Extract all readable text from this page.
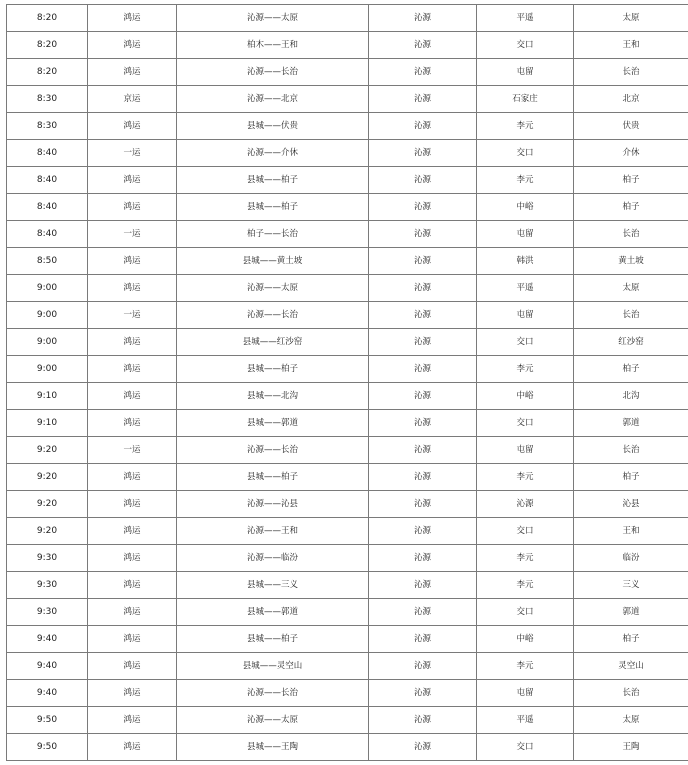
8:20	鸿运	沁源——太原	沁源	平遥	太原
8:20	鸿运	柏木——王和	沁源	交口	王和
8:20	鸿运	沁源——长治	沁源	屯留	长治
8:30	京运	沁源——北京	沁源	石家庄	北京
8:30	鸿运	县城——伏贵	沁源	李元	伏贵
8:40	一运	沁源——介休	沁源	交口	介休
8:40	鸿运	县城——柏子	沁源	李元	柏子
8:40	鸿运	县城——柏子	沁源	中峪	柏子
8:40	一运	柏子——长治	沁源	屯留	长治
8:50	鸿运	县城——黄土坡	沁源	韩洪	黄土坡
9:00	鸿运	沁源——太原	沁源	平遥	太原
9:00	一运	沁源——长治	沁源	屯留	长治
9:00	鸿运	县城——红沙窑	沁源	交口	红沙窑
9:00	鸿运	县城——柏子	沁源	李元	柏子
9:10	鸿运	县城——北沟	沁源	中峪	北沟
9:10	鸿运	县城——郭道	沁源	交口	郭道
9:20	一运	沁源——长治	沁源	屯留	长治
9:20	鸿运	县城——柏子	沁源	李元	柏子
9:20	鸿运	沁源——沁县	沁源	沁源	沁县
9:20	鸿运	沁源——王和	沁源	交口	王和
9:30	鸿运	沁源——临汾	沁源	李元	临汾
9:30	鸿运	县城——三义	沁源	李元	三义
9:30	鸿运	县城——郭道	沁源	交口	郭道
9:40	鸿运	县城——柏子	沁源	中峪	柏子
9:40	鸿运	县城——灵空山	沁源	李元	灵空山
9:40	鸿运	沁源——长治	沁源	屯留	长治
9:50	鸿运	沁源——太原	沁源	平遥	太原
9:50	鸿运	县城——王陶	沁源	交口	王陶
